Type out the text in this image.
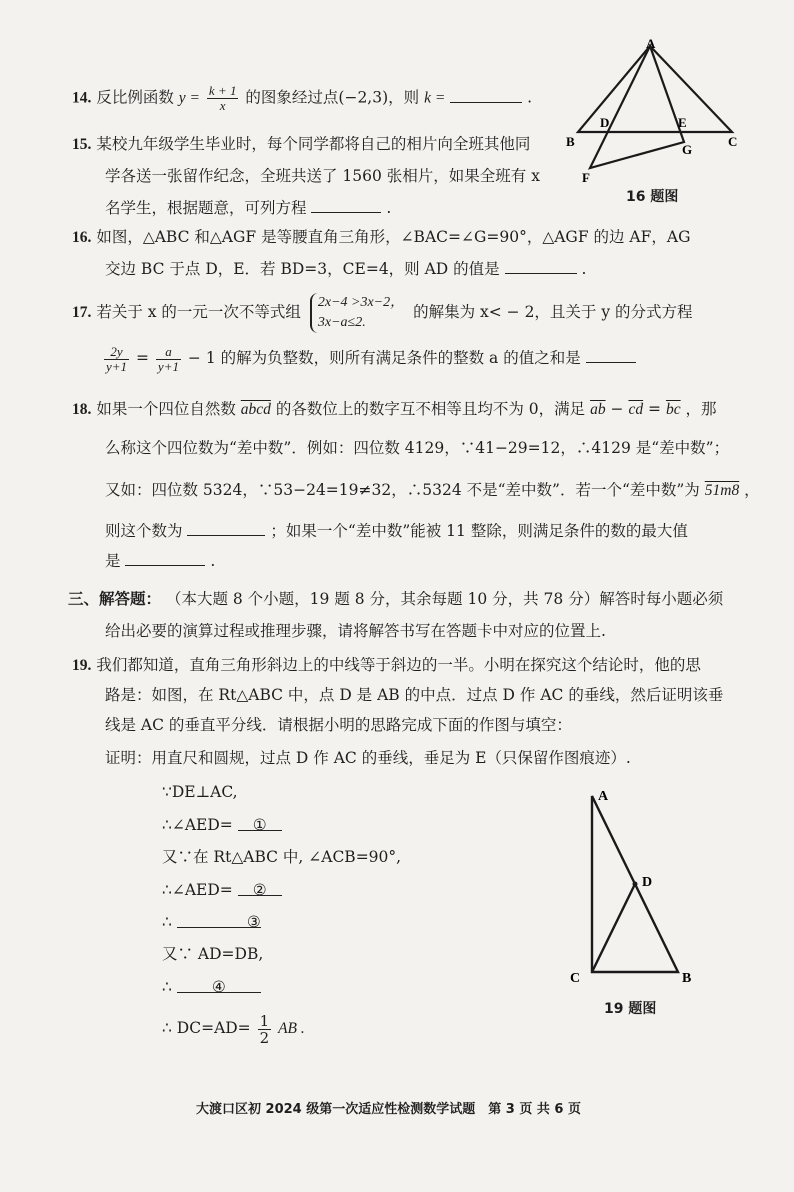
14. 反比例函数 $y = \frac{k + 1}{x}$ 的图象经过点(−2,3)，则 k =	.
15. 某校九年级学生毕业时，每个同学都将自己的相片向全班其他同
学各送一张留作纪念，全班共送了 1560 张相片，如果全班有 x
名学生，根据题意，可列方程	.
A
D	E
B	C
G
F
16 题图
16. 如图，△ABC 和△AGF 是等腰直角三角形，∠BAC=∠G=90°，△AGF 的边 AF，AG
交边 BC 于点 D，E．若 BD=3，CE=4，则 AD 的值是	.
17. 若关于 x 的一元一次不等式组
2x−4 >3x−2，
3x−a≤2.
的解集为 x< − 2，且关于 y 的分式方程
$\frac{2y}{y+1} = \frac{a}{y+1} - 1$ 的解为负整数，则所有满足条件的整数 a 的值之和是
18. 如果一个四位自然数 abcd 的各数位上的数字互不相等且均不为 0，满足 $\overline{ab} - \overline{cd} = \overline{bc}$ ，那
么称这个四位数为“差中数”．例如：四位数 4129，∵41−29=12，∴4129 是“差中数”；
又如：四位数 5324，∵53−24=19≠32，∴5324 不是“差中数”．若一个“差中数”为 51m8 ，
则这个数为	；如果一个“差中数”能被 11 整除，则满足条件的数的最大值
是	.
三、解答题： （本大题 8 个小题，19 题 8 分，其余每题 10 分，共 78 分）解答时每小题必须
给出必要的演算过程或推理步骤，请将解答书写在答题卡中对应的位置上.
19. 我们都知道，直角三角形斜边上的中线等于斜边的一半。小明在探究这个结论时，他的思
路是：如图，在 Rt△ABC 中，点 D 是 AB 的中点．过点 D 作 AC 的垂线，然后证明该垂
线是 AC 的垂直平分线．请根据小明的思路完成下面的作图与填空：
证明：用直尺和圆规，过点 D 作 AC 的垂线，垂足为 E（只保留作图痕迹）.
∵DE⊥AC,
∴∠AED= ①
又∵在 Rt△ABC 中, ∠ACB=90°,
∴∠AED= ②
∴	③
又∵ AD=DB,
∴	④
∴ $DC=AD= \frac{1}{2}$ AB .
A
D
C	B
19 题图
大渡口区初 2024 级第一次适应性检测数学试题　第 3 页 共 6 页
